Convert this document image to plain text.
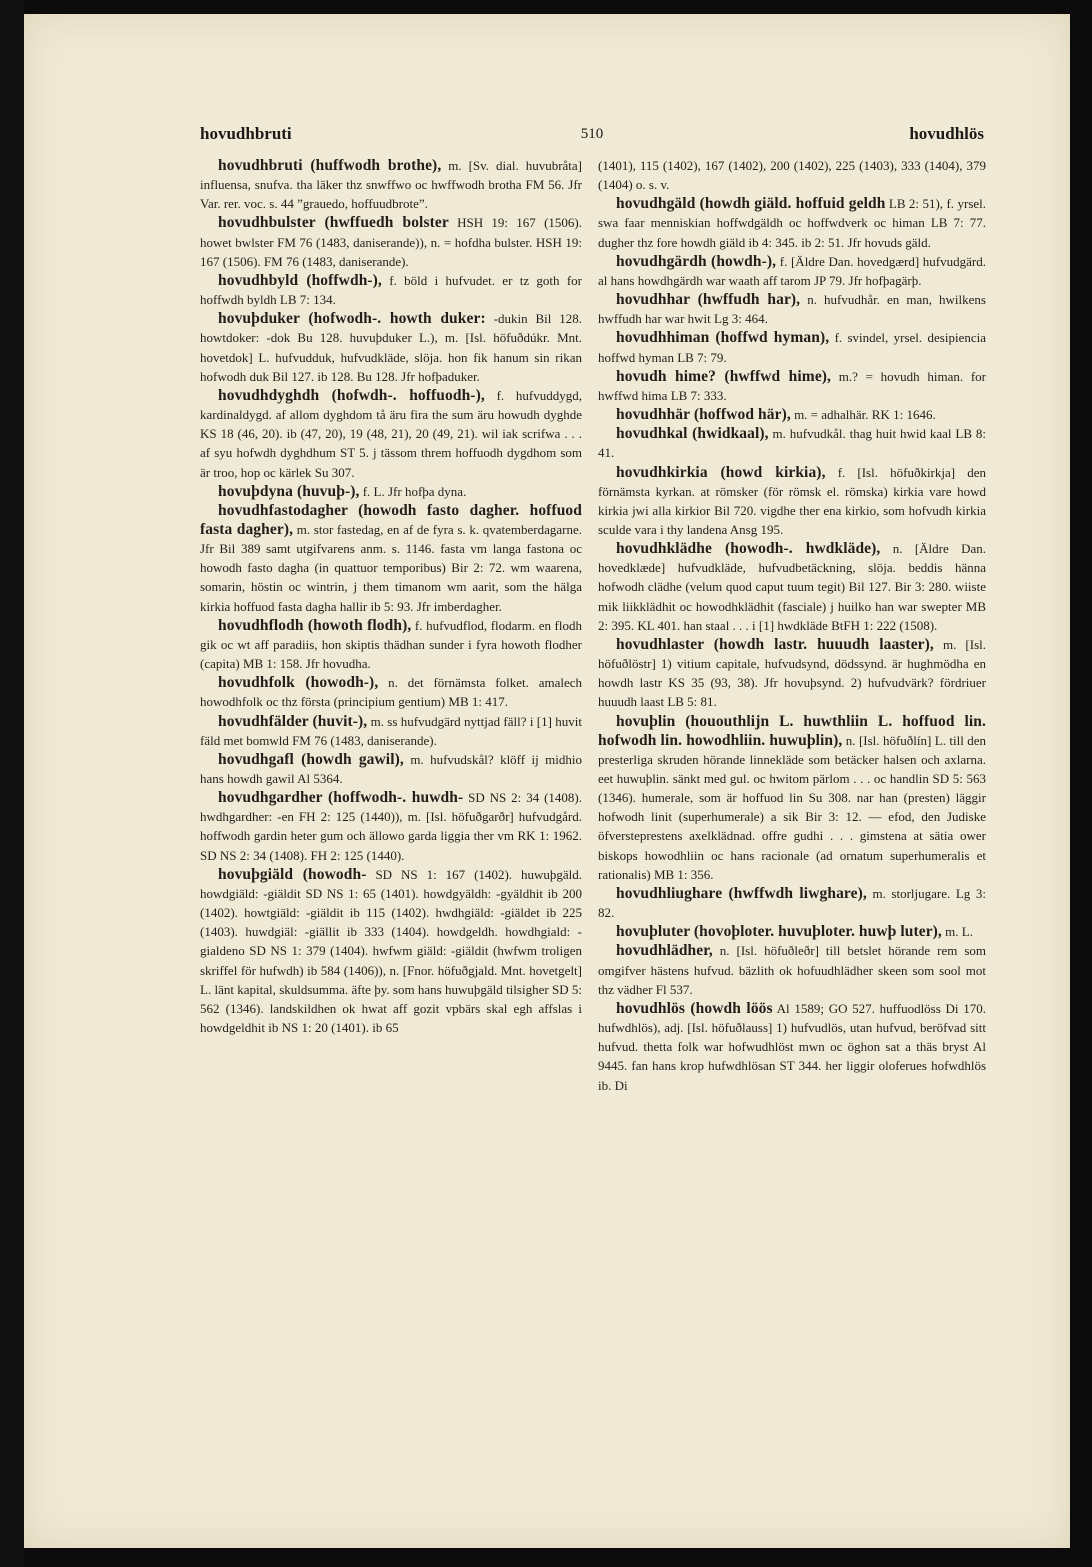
hovudhbruti	510	hovudhlös

hovudhbruti (huffwodh brothe), m. [Sv. dial. huvubråta] influensa, snufva. tha läker thz snwffwo oc hwffwodh brotha FM 56. Jfr Var. rer. voc. s. 44 ”grauedo, hoffuudbrote”.

hovudhbulster (hwffuedh bolster HSH 19: 167 (1506). howet bwlster FM 76 (1483, daniserande)), n. = hofdha bulster. HSH 19: 167 (1506). FM 76 (1483, daniserande).

hovudhbyld (hoffwdh-), f. böld i hufvudet. er tz goth for hoffwdh byldh LB 7: 134.

hovuþduker (hofwodh-. howth duker: -dukin Bil 128. howtdoker: -dok Bu 128. huvuþduker L.), m. [Isl. höfuðdúkr. Mnt. hovetdok] L. hufvudduk, hufvudkläde, slöja. hon fik hanum sin rikan hofwodh duk Bil 127. ib 128. Bu 128. Jfr hofþaduker.

hovudhdyghdh (hofwdh-. hoffuodh-), f. hufvuddygd, kardinaldygd. af allom dyghdom tå äru fira the sum äru howudh dyghde KS 18 (46, 20). ib (47, 20), 19 (48, 21), 20 (49, 21). wil iak scrifwa . . . af syu hofwdh dyghdhum ST 5. j tässom threm hoffuodh dygdhom som är troo, hop oc kärlek Su 307.

hovuþdyna (huvuþ-), f. L. Jfr hofþa dyna.

hovudhfastodagher (howodh fasto dagher. hoffuod fasta dagher), m. stor fastedag, en af de fyra s. k. qvatemberdagarne. Jfr Bil 389 samt utgifvarens anm. s. 1146. fasta vm langa fastona oc howodh fasto dagha (in quattuor temporibus) Bir 2: 72. wm waarena, somarin, höstin oc wintrin, j them timanom wm aarit, som the hälga kirkia hoffuod fasta dagha hallir ib 5: 93. Jfr imberdagher.

hovudhflodh (howoth flodh), f. hufvudflod, flodarm. en flodh gik oc wt aff paradiis, hon skiptis thädhan sunder i fyra howoth flodher (capita) MB 1: 158. Jfr hovudha.

hovudhfolk (howodh-), n. det förnämsta folket. amalech howodhfolk oc thz första (principium gentium) MB 1: 417.

hovudhfälder (huvit-), m. ss hufvudgärd nyttjad fäll? i [1] huvit fäld met bomwld FM 76 (1483, daniserande).

hovudhgafl (howdh gawil), m. hufvudskål? klöff ij midhio hans howdh gawil Al 5364.

hovudhgardher (hoffwodh-. huwdh- SD NS 2: 34 (1408). hwdhgardher: -en FH 2: 125 (1440)), m. [Isl. höfuðgarðr] hufvudgård. hoffwodh gardin heter gum och ällowo garda liggia ther vm RK 1: 1962. SD NS 2: 34 (1408). FH 2: 125 (1440).

hovuþgiäld (howodh- SD NS 1: 167 (1402). huwuþgäld. howdgiäld: -giäldit SD NS 1: 65 (1401). howdgyäldh: -gyäldhit ib 200 (1402). howtgiäld: -giäldit ib 115 (1402). hwdhgiäld: -giäldet ib 225 (1403). huwdgiäl: -giällit ib 333 (1404). howdgeldh. howdhgiald: -gialdeno SD NS 1: 379 (1404). hwfwm giäld: -giäldit (hwfwm troligen skriffel för hufwdh) ib 584 (1406)), n. [Fnor. höfuðgjald. Mnt. hovetgelt] L. länt kapital, skuldsumma. äfte þy. som hans huwuþgäld tilsigher SD 5: 562 (1346). landskildhen ok hwat aff gozit vpbärs skal egh affslas i howdgeldhit ib NS 1: 20 (1401). ib 65

(1401), 115 (1402), 167 (1402), 200 (1402), 225 (1403), 333 (1404), 379 (1404) o. s. v.

hovudhgäld (howdh giäld. hoffuid geldh LB 2: 51), f. yrsel. swa faar menniskian hoffwdgäldh oc hoffwdverk oc himan LB 7: 77. dugher thz fore howdh giäld ib 4: 345. ib 2: 51. Jfr hovuds gäld.

hovudhgärdh (howdh-), f. [Äldre Dan. hovedgærd] hufvudgärd. al hans howdhgärdh war waath aff tarom JP 79. Jfr hofþagärþ.

hovudhhar (hwffudh har), n. hufvudhår. en man, hwilkens hwffudh har war hwit Lg 3: 464.

hovudhhiman (hoffwd hyman), f. svindel, yrsel. desipiencia hoffwd hyman LB 7: 79.

hovudh hime? (hwffwd hime), m.? = hovudh himan. for hwffwd hima LB 7: 333.

hovudhhär (hoffwod här), m. = adhalhär. RK 1: 1646.

hovudhkal (hwidkaal), m. hufvudkål. thag huit hwid kaal LB 8: 41.

hovudhkirkia (howd kirkia), f. [Isl. höfuðkirkja] den förnämsta kyrkan. at römsker (för römsk el. römska) kirkia vare howd kirkia jwi alla kirkior Bil 720. vigdhe ther ena kirkio, som hofvudh kirkia sculde vara i thy landena Ansg 195.

hovudhklädhe (howodh-. hwdkläde), n. [Äldre Dan. hovedklæde] hufvudkläde, hufvudbetäckning, slöja. beddis hänna hofwodh clädhe (velum quod caput tuum tegit) Bil 127. Bir 3: 280. wiiste mik liikklädhit oc howodhklädhit (fasciale) j huilko han war swepter MB 2: 395. KL 401. han staal . . . i [1] hwdkläde BtFH 1: 222 (1508).

hovudhlaster (howdh lastr. huuudh laaster), m. [Isl. höfuðlöstr] 1) vitium capitale, hufvudsynd, dödssynd. är hughmödha en howdh lastr KS 35 (93, 38). Jfr hovuþsynd. 2) hufvudvärk? fördriuer huuudh laast LB 5: 81.

hovuþlin (hououthlijn L. huwthliin L. hoffuod lin. hofwodh lin. howodhliin. huwuþlin), n. [Isl. höfuðlín] L. till den presterliga skruden hörande linnekläde som betäcker halsen och axlarna. eet huwuþlin. sänkt med gul. oc hwitom pärlom . . . oc handlin SD 5: 563 (1346). humerale, som är hoffuod lin Su 308. nar han (presten) läggir hofwodh linit (superhumerale) a sik Bir 3: 12. — efod, den Judiske öfversteprestens axelklädnad. offre gudhi . . . gimstena at sätia ower biskops howodhliin oc hans racionale (ad ornatum superhumeralis et rationalis) MB 1: 356.

hovudhliughare (hwffwdh liwghare), m. storljugare. Lg 3: 82.

hovuþluter (hovoþloter. huvuþloter. huwþ luter), m. L.

hovudhlädher, n. [Isl. höfuðleðr] till betslet hörande rem som omgifver hästens hufvud. bäzlith ok hofuudhlädher skeen som sool mot thz vädher Fl 537.

hovudhlös (howdh löös Al 1589; GO 527. huffuodlöss Di 170. hufwdhlös), adj. [Isl. höfuðlauss] 1) hufvudlös, utan hufvud, beröfvad sitt hufvud. thetta folk war hofwudhlöst mwn oc öghon sat a thäs bryst Al 9445. fan hans krop hufwdhlösan ST 344. her liggir oloferues hofwdhlös ib. Di
